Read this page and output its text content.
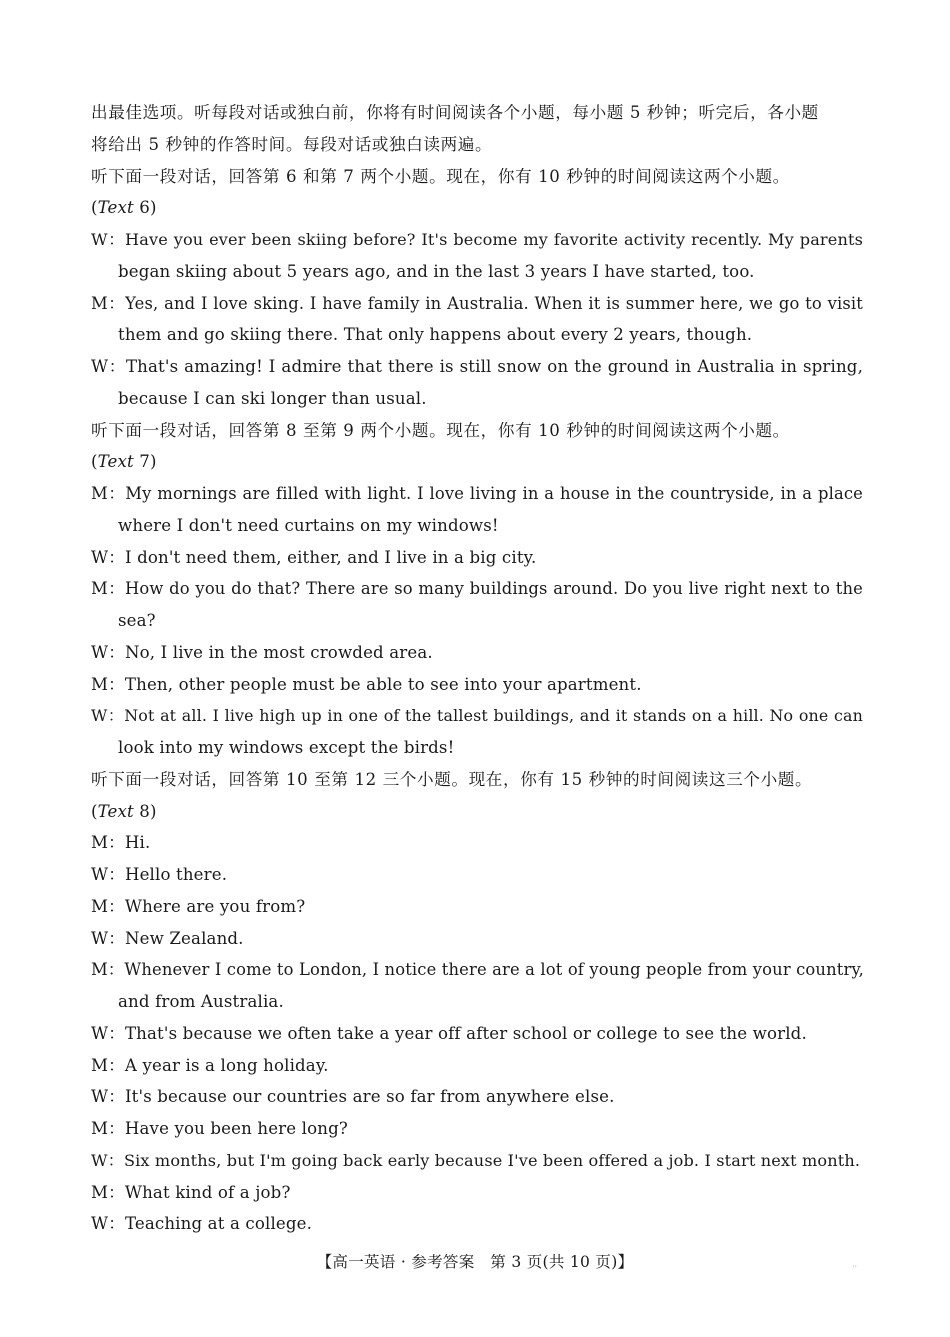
出最佳选项。听每段对话或独白前，你将有时间阅读各个小题，每小题 5 秒钟；听完后，各小题
将给出 5 秒钟的作答时间。每段对话或独白读两遍。
听下面一段对话，回答第 6 和第 7 两个小题。现在，你有 10 秒钟的时间阅读这两个小题。
(Text 6)
W：Have you ever been skiing before? It's become my favorite activity recently. My parents
began skiing about 5 years ago, and in the last 3 years I have started, too.
M：Yes, and I love sking. I have family in Australia. When it is summer here, we go to visit
them and go skiing there. That only happens about every 2 years, though.
W：That's amazing! I admire that there is still snow on the ground in Australia in spring,
because I can ski longer than usual.
听下面一段对话，回答第 8 至第 9 两个小题。现在，你有 10 秒钟的时间阅读这两个小题。
(Text 7)
M：My mornings are filled with light. I love living in a house in the countryside, in a place
where I don't need curtains on my windows!
W：I don't need them, either, and I live in a big city.
M：How do you do that? There are so many buildings around. Do you live right next to the
sea?
W：No, I live in the most crowded area.
M：Then, other people must be able to see into your apartment.
W：Not at all. I live high up in one of the tallest buildings, and it stands on a hill. No one can
look into my windows except the birds!
听下面一段对话，回答第 10 至第 12 三个小题。现在，你有 15 秒钟的时间阅读这三个小题。
(Text 8)
M：Hi.
W：Hello there.
M：Where are you from?
W：New Zealand.
M：Whenever I come to London, I notice there are a lot of young people from your country,
and from Australia.
W：That's because we often take a year off after school or college to see the world.
M：A year is a long holiday.
W：It's because our countries are so far from anywhere else.
M：Have you been here long?
W：Six months, but I'm going back early because I've been offered a job. I start next month.
M：What kind of a job?
W：Teaching at a college.
【高一英语 · 参考答案　第 3 页(共 10 页)】	··
